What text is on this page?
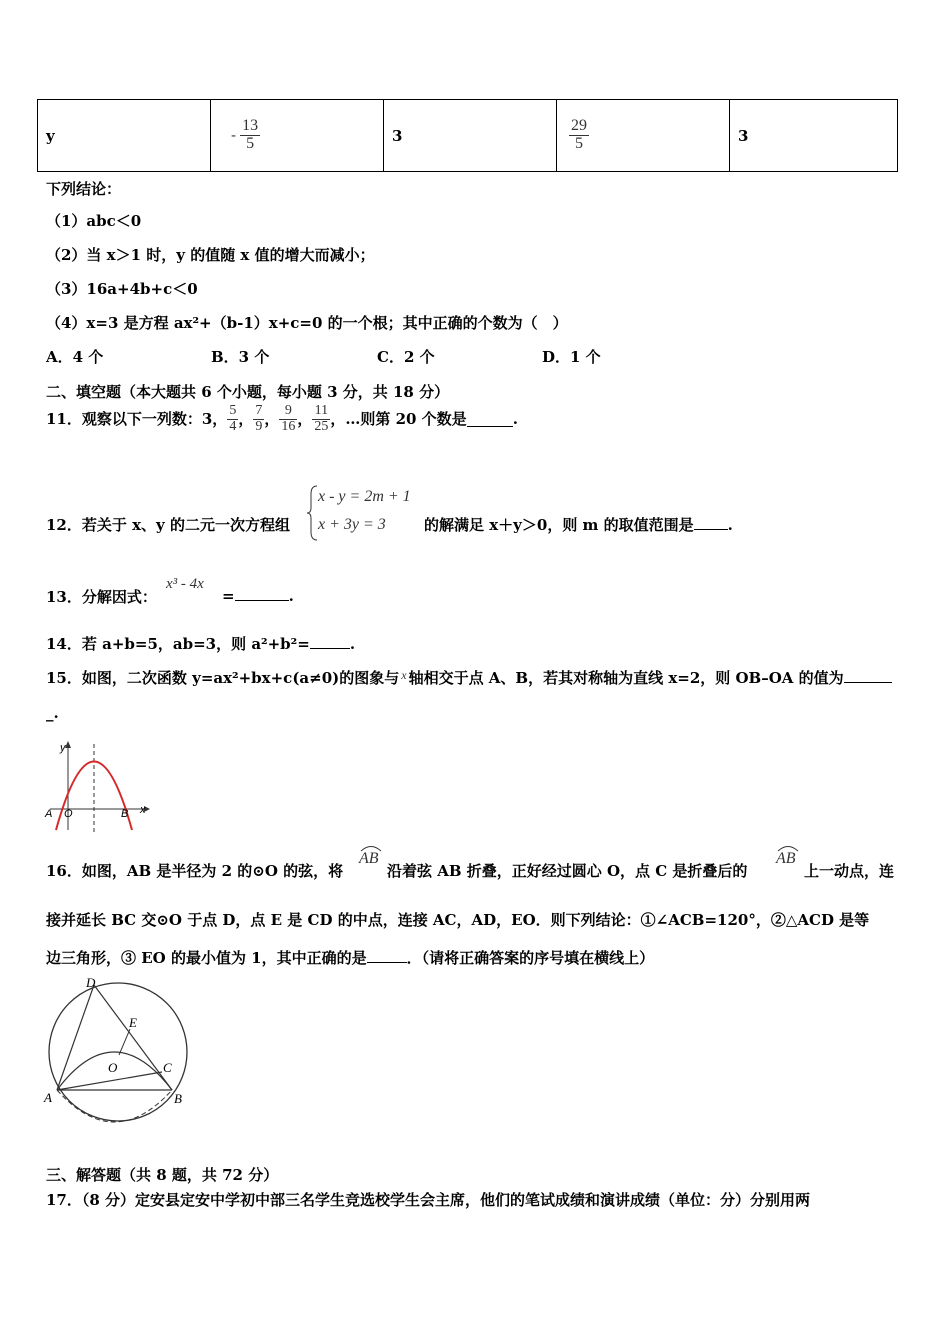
y	- $\frac{13}{5}$	3	$\frac{29}{5}$	3
下列结论：
（1）abc＜0
（2）当 x＞1 时，y 的值随 x 值的增大而减小；
（3）16a+4b+c＜0
（4）x=3 是方程 ax²+（b-1）x+c=0 的一个根；其中正确的个数为（　）
A．4 个	B．3 个	C．2 个	D．1 个
二、填空题（本大题共 6 个小题，每小题 3 分，共 18 分）
11．观察以下一列数：3， $\frac{5}{4}$ ， $\frac{7}{9}$ ， $\frac{9}{16}$ ， $\frac{11}{25}$ ，…则第 20 个数是	.
12．若关于 x、y 的二元一次方程组
x - y = 2m + 1
x + 3y = 3	的解满足 x＋y＞0，则 m 的取值范围是 .
13．分解因式：
x³ - 4x
=	.
14．若 a+b=5，ab=3，则 a²+b²=	.
15．如图，二次函数 y=ax²+bx+c(a≠0)的图象与 $^x$ 轴相交于点 A、B，若其对称轴为直线 x=2，则 OB–OA 的值为
_.
y
x
A O	B
16．如图，AB 是半径为 2 的⊙O 的弦，将
AB
沿着弦 AB 折叠，正好经过圆心 O，点 C 是折叠后的
AB
上一动点，连
接并延长 BC 交⊙O 于点 D，点 E 是 CD 的中点，连接 AC，AD，EO．则下列结论：①∠ACB=120°，②△ACD 是等
边三角形，③ EO 的最小值为 1，其中正确的是	．（请将正确答案的序号填在横线上）
D
E
O	C
A	B
三、解答题（共 8 题，共 72 分）
17．（8 分）定安县定安中学初中部三名学生竞选校学生会主席，他们的笔试成绩和演讲成绩（单位：分）分别用两
